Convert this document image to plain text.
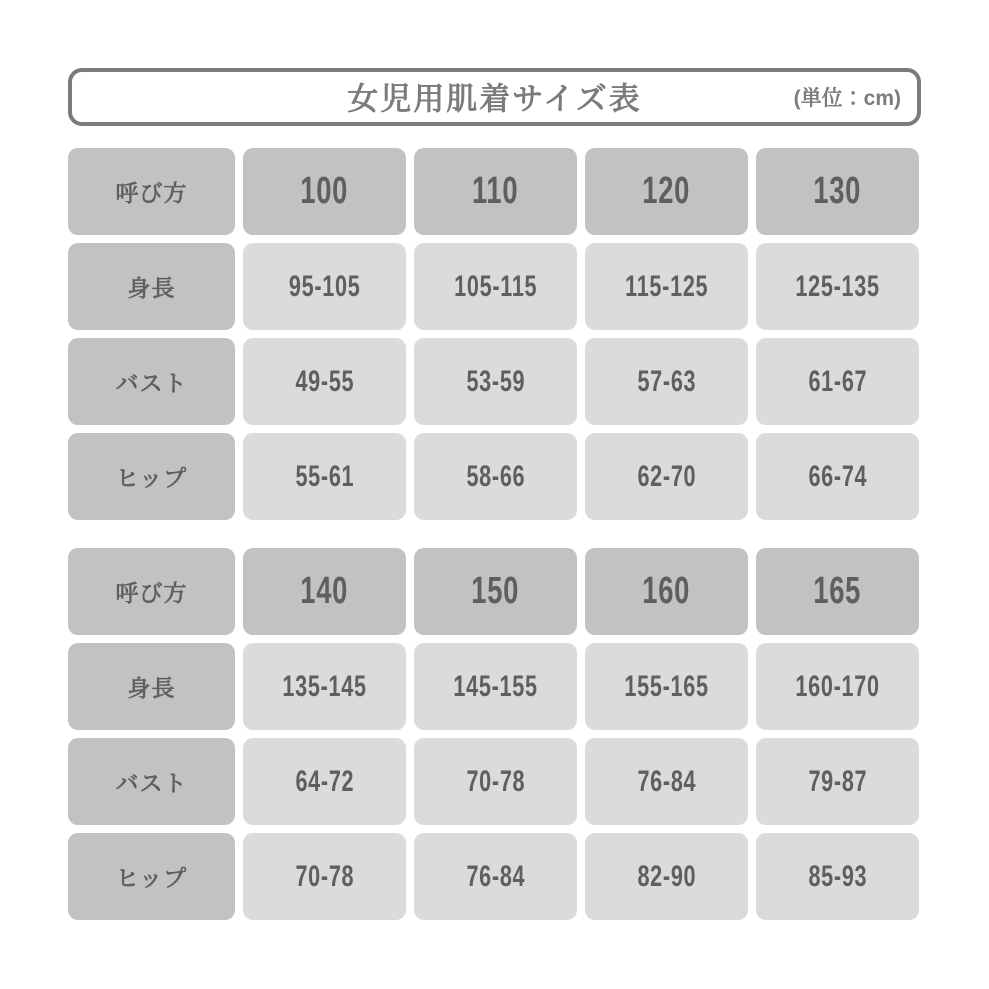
女児用肌着サイズ表	(単位：cm)
呼び方	100	110	120	130
身長	95-105	105-115	115-125	125-135
バスト	49-55	53-59	57-63	61-67
ヒップ	55-61	58-66	62-70	66-74
呼び方	140	150	160	165
身長	135-145	145-155	155-165	160-170
バスト	64-72	70-78	76-84	79-87
ヒップ	70-78	76-84	82-90	85-93
